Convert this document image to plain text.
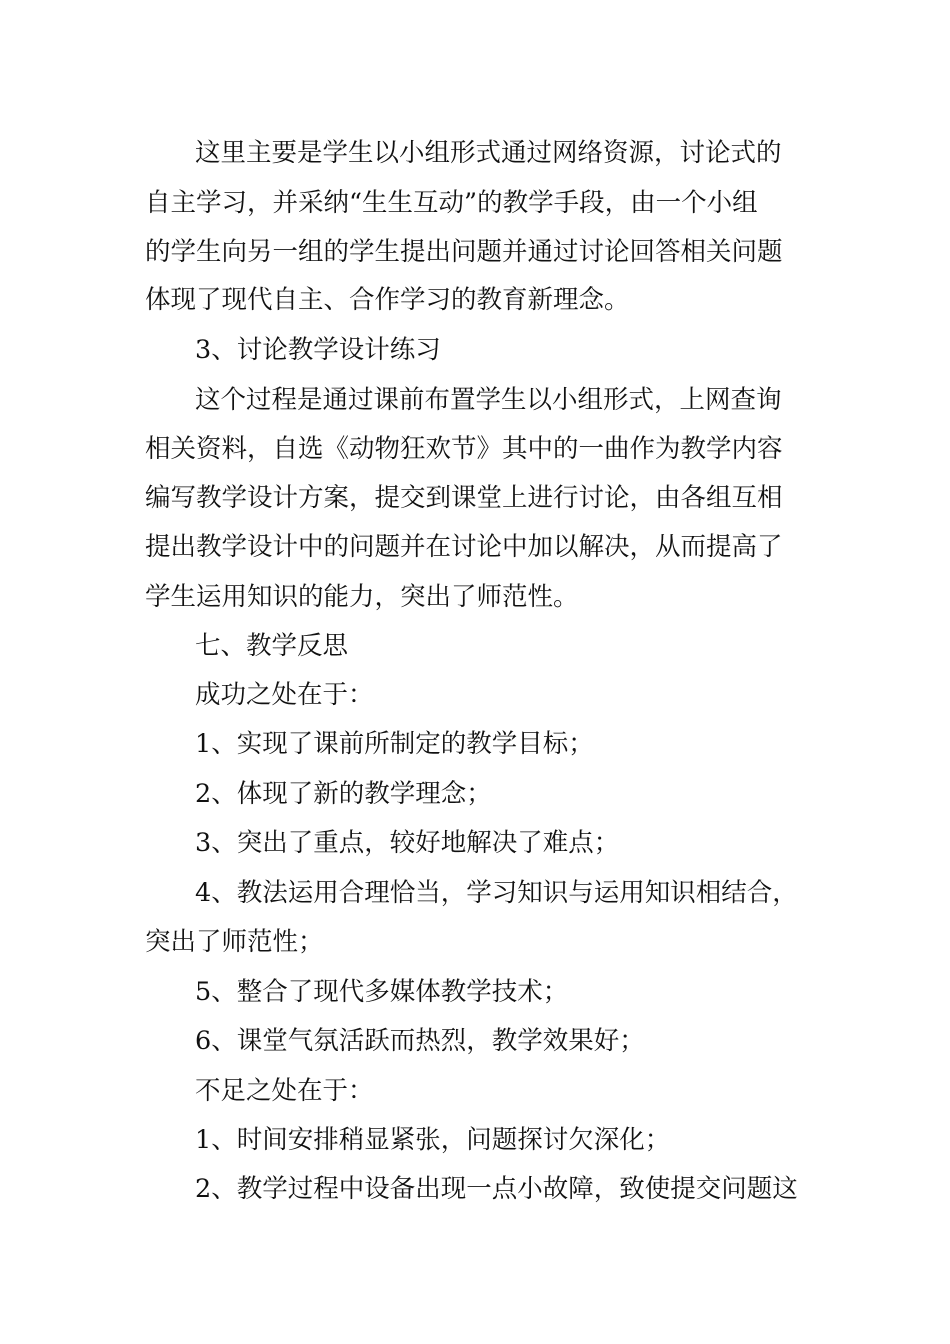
这里主要是学生以小组形式通过网络资源，讨论式的
自主学习，并采纳“生生互动”的教学手段，由一个小组
的学生向另一组的学生提出问题并通过讨论回答相关问题
体现了现代自主、合作学习的教育新理念。
3、讨论教学设计练习
这个过程是通过课前布置学生以小组形式，上网查询
相关资料，自选《动物狂欢节》其中的一曲作为教学内容
编写教学设计方案，提交到课堂上进行讨论，由各组互相
提出教学设计中的问题并在讨论中加以解决，从而提高了
学生运用知识的能力，突出了师范性。
七、教学反思
成功之处在于：
1、实现了课前所制定的教学目标；
2、体现了新的教学理念；
3、突出了重点，较好地解决了难点；
4、教法运用合理恰当，学习知识与运用知识相结合，
突出了师范性；
5、整合了现代多媒体教学技术；
6、课堂气氛活跃而热烈，教学效果好；
不足之处在于：
1、时间安排稍显紧张，问题探讨欠深化；
2、教学过程中设备出现一点小故障，致使提交问题这
